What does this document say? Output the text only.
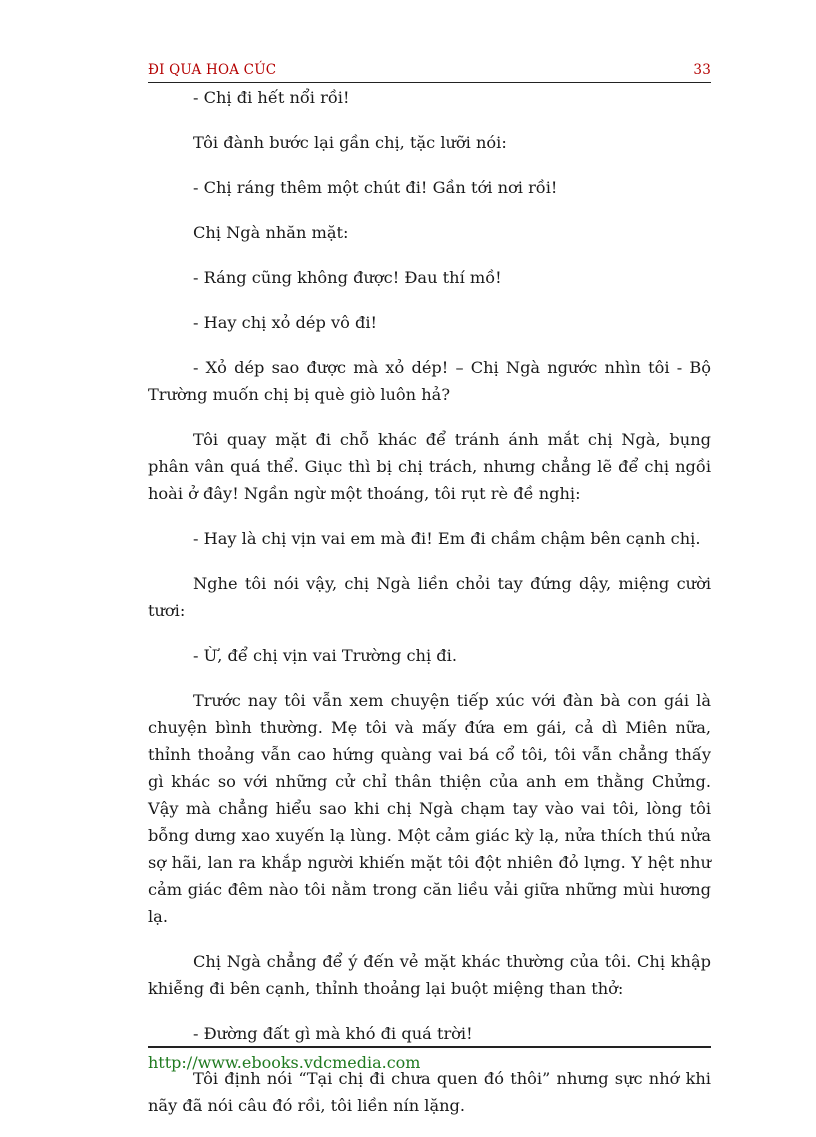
ĐI QUA HOA CÚC	33

- Chị đi hết nổi rồi!

Tôi đành bước lại gần chị, tặc lưỡi nói:

- Chị ráng thêm một chút đi! Gần tới nơi rồi!

Chị Ngà nhăn mặt:

- Ráng cũng không được! Đau thí mồ!

- Hay chị xỏ dép vô đi!

- Xỏ dép sao được mà xỏ dép! – Chị Ngà ngước nhìn tôi - Bộ Trường muốn chị bị què giò luôn hả?

Tôi quay mặt đi chỗ khác để tránh ánh mắt chị Ngà, bụng phân vân quá thể. Giục thì bị chị trách, nhưng chẳng lẽ để chị ngồi hoài ở đây! Ngần ngừ một thoáng, tôi rụt rè đề nghị:

- Hay là chị vịn vai em mà đi! Em đi chầm chậm bên cạnh chị.

Nghe tôi nói vậy, chị Ngà liền chỏi tay đứng dậy, miệng cười tươi:

- Ừ, để chị vịn vai Trường chị đi.

Trước nay tôi vẫn xem chuyện tiếp xúc với đàn bà con gái là chuyện bình thường. Mẹ tôi và mấy đứa em gái, cả dì Miên nữa, thỉnh thoảng vẫn cao hứng quàng vai bá cổ tôi, tôi vẫn chẳng thấy gì khác so với những cử chỉ thân thiện của anh em thằng Chửng. Vậy mà chẳng hiểu sao khi chị Ngà chạm tay vào vai tôi, lòng tôi bỗng dưng xao xuyến lạ lùng. Một cảm giác kỳ lạ, nửa thích thú nửa sợ hãi, lan ra khắp người khiến mặt tôi đột nhiên đỏ lựng. Y hệt như cảm giác đêm nào tôi nằm trong căn liều vải giữa những mùi hương lạ.

Chị Ngà chẳng để ý đến vẻ mặt khác thường của tôi. Chị khập khiễng đi bên cạnh, thỉnh thoảng lại buột miệng than thở:

- Đường đất gì mà khó đi quá trời!

Tôi định nói “Tại chị đi chưa quen đó thôi” nhưng sực nhớ khi nãy đã nói câu đó rồi, tôi liền nín lặng.

http://www.ebooks.vdcmedia.com
